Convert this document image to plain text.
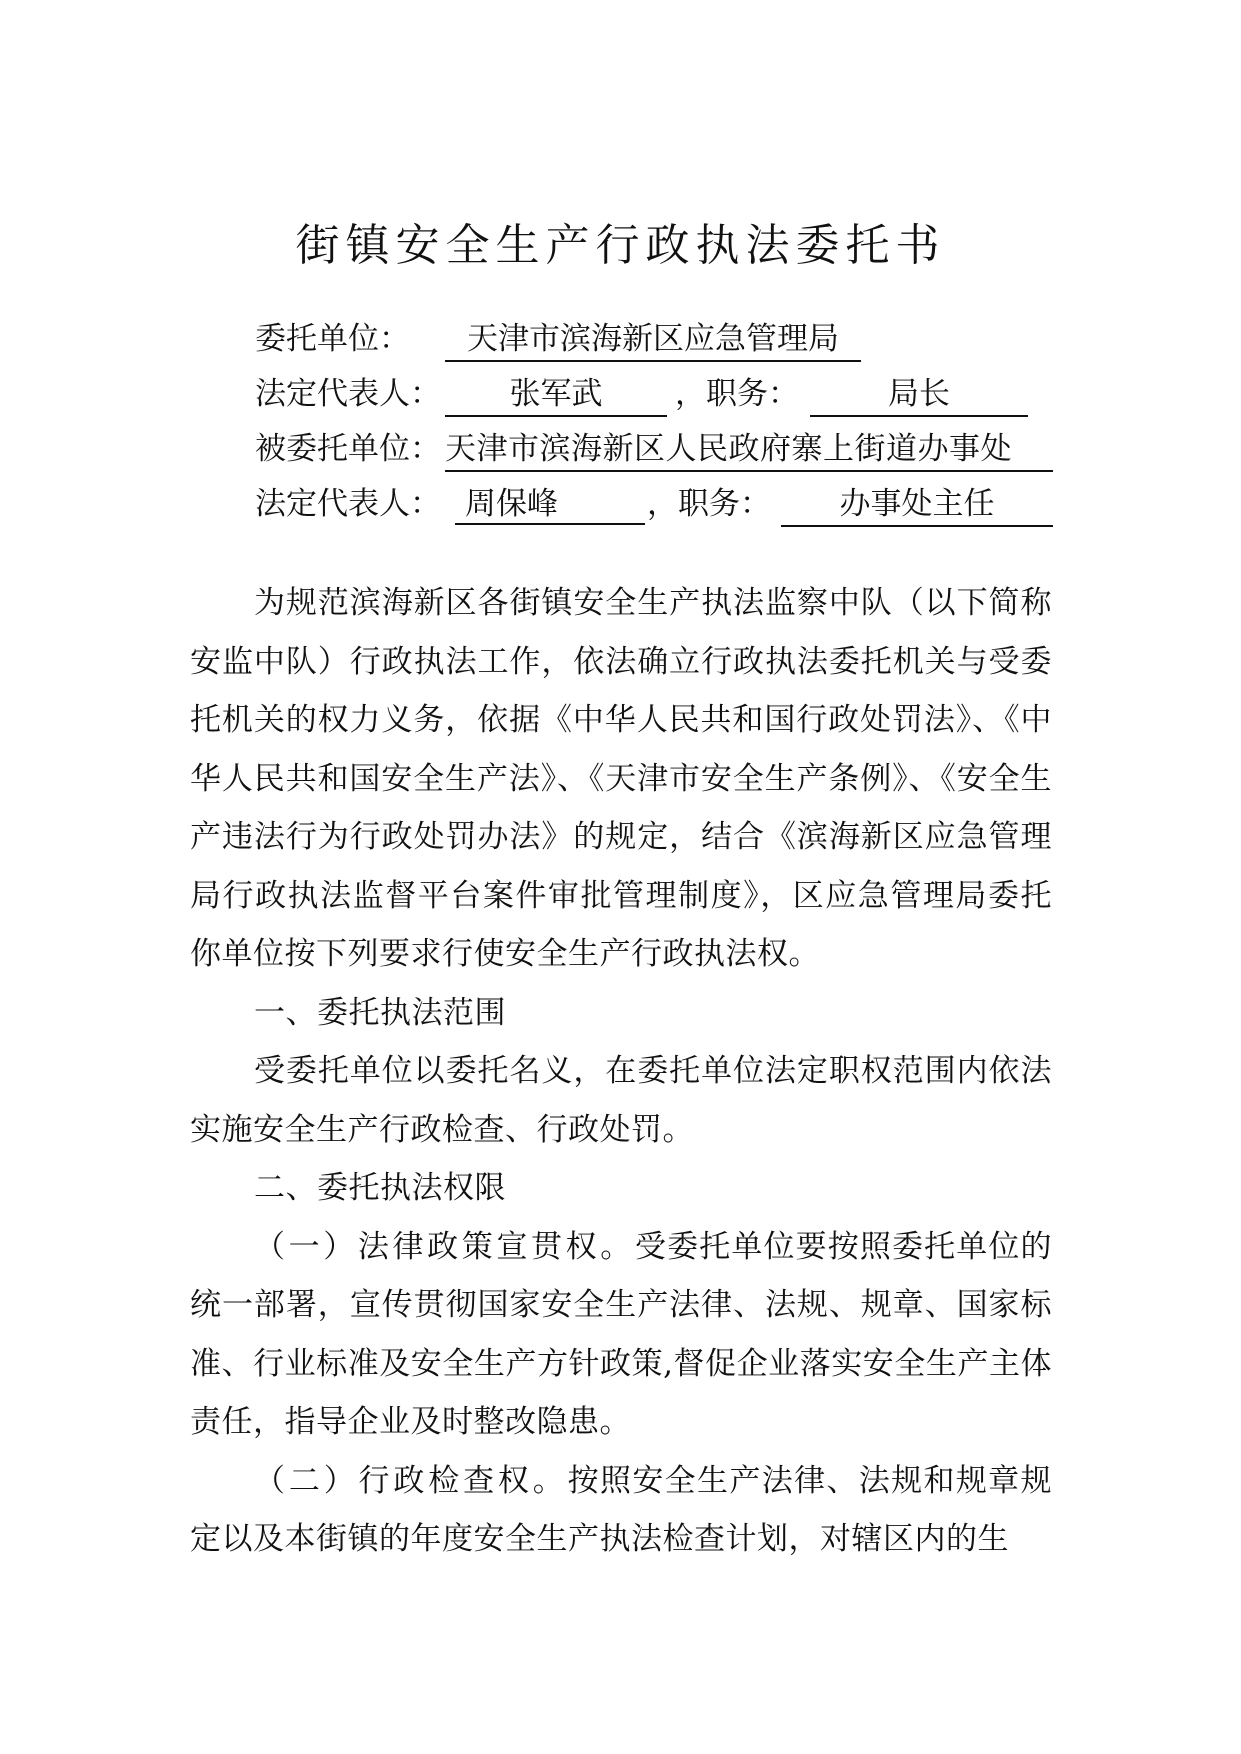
街镇安全生产行政执法委托书
委托单位：	天津市滨海新区应急管理局
法定代表人：	张军武	，职务：	局长
被委托单位： 天津市滨海新区人民政府寨上街道办事处
法定代表人： 周保峰	，职务：	办事处主任

为规范滨海新区各街镇安全生产执法监察中队（以下简称安监中队）行政执法工作，依法确立行政执法委托机关与受委托机关的权力义务，依据《中华人民共和国行政处罚法》、《中华人民共和国安全生产法》、《天津市安全生产条例》、《安全生产违法行为行政处罚办法》的规定，结合《滨海新区应急管理局行政执法监督平台案件审批管理制度》，区应急管理局委托你单位按下列要求行使安全生产行政执法权。

一、委托执法范围

受委托单位以委托名义，在委托单位法定职权范围内依法实施安全生产行政检查、行政处罚。

二、委托执法权限

（一）法律政策宣贯权。受委托单位要按照委托单位的统一部署，宣传贯彻国家安全生产法律、法规、规章、国家标准、行业标准及安全生产方针政策,督促企业落实安全生产主体责任，指导企业及时整改隐患。

（二）行政检查权。按照安全生产法律、法规和规章规定以及本街镇的年度安全生产执法检查计划，对辖区内的生
